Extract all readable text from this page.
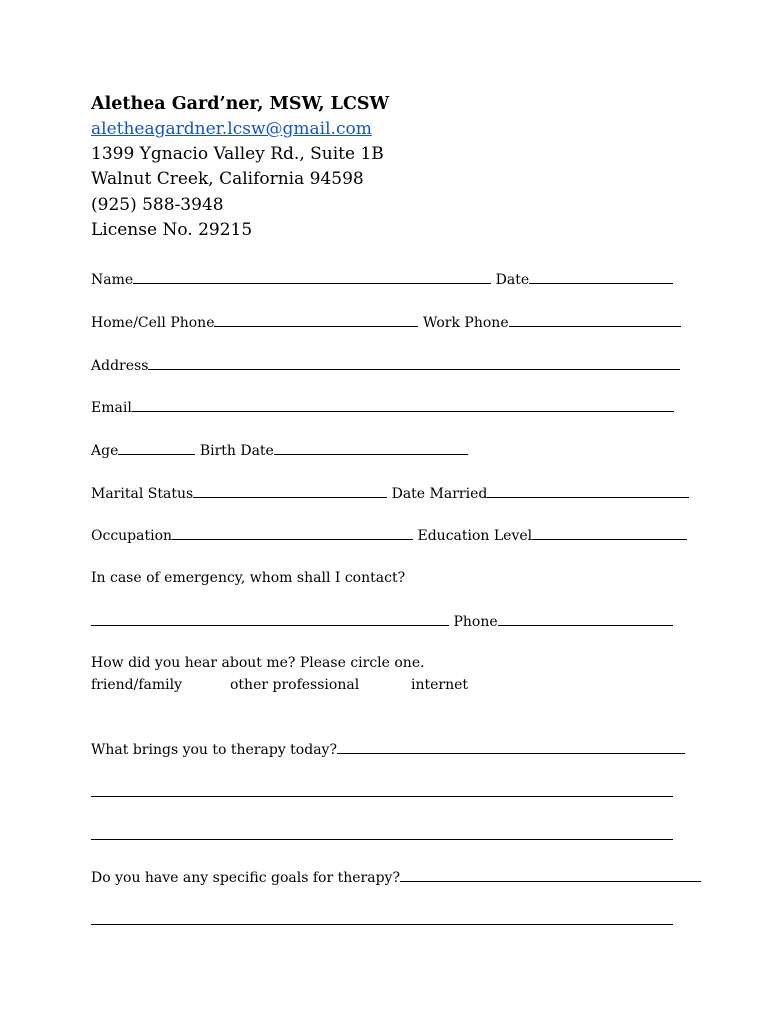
Alethea Gard’ner, MSW, LCSW
aletheagardner.lcsw@gmail.com
1399 Ygnacio Valley Rd., Suite 1B
Walnut Creek, California 94598
(925) 588-3948
License No. 29215
Name	Date
Home/Cell Phone	Work Phone
Address
Email
Age	Birth Date
Marital Status	Date Married
Occupation	Education Level
In case of emergency, whom shall I contact?
Phone
How did you hear about me? Please circle one.
friend/family	other professional	internet
What brings you to therapy today?
Do you have any specific goals for therapy?
